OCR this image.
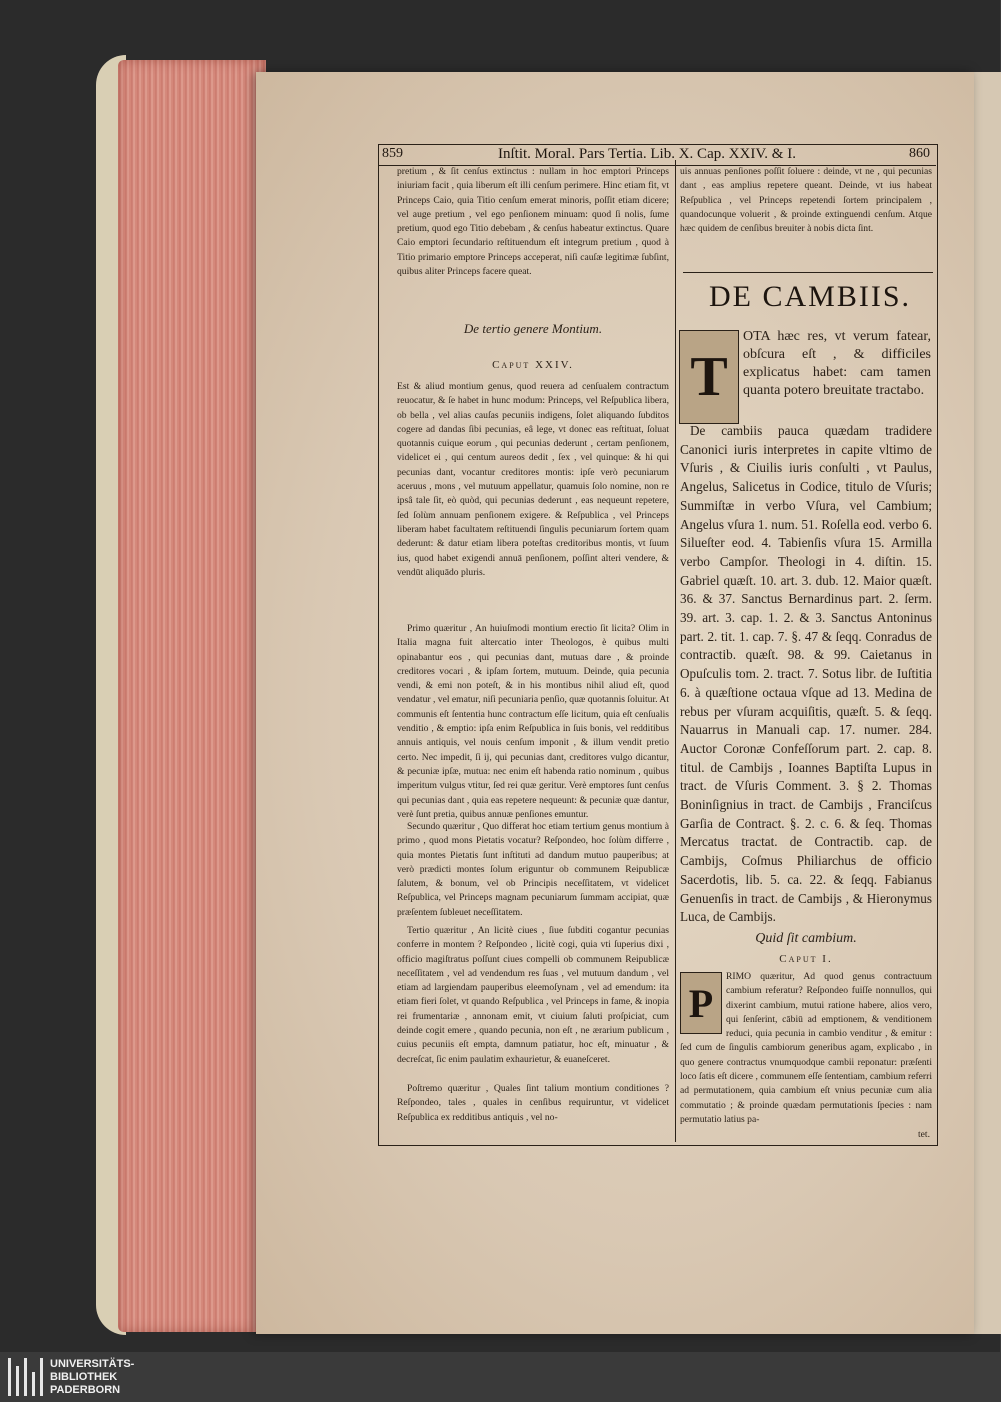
859	Inſtit. Moral. Pars Tertia. Lib. X. Cap. XXIV. & I.	860

pretium , & ſit cenſus extinctus : nullam in hoc emptori Princeps iniuriam facit , quia liberum eſt illi cenſum perimere. Hinc etiam fit, vt Princeps Caio, quia Titio cenſum emerat minoris, poſſit etiam dicere; vel auge pretium , vel ego penſionem minuam: quod ſi nolis, ſume pretium, quod ego Titio debebam , & cenſus habeatur extinctus. Quare Caio emptori ſecundario reſtituendum eſt integrum pretium , quod à Titio primario emptore Princeps acceperat, niſi cauſæ legitimæ ſubſint, quibus aliter Princeps facere queat.

De tertio genere Montium.
Caput XXIV.

Est & aliud montium genus, quod reuera ad cenſualem contractum reuocatur, & ſe habet in hunc modum: Princeps, vel Reſpublica libera, ob bella , vel alias cauſas pecuniis indigens, ſolet aliquando ſubditos cogere ad dandas ſibi pecunias, eâ lege, vt donec eas reſtituat, ſoluat quotannis cuique eorum , qui pecunias dederunt , certam penſionem, videlicet ei , qui centum aureos dedit , ſex , vel quinque: & hi qui pecunias dant, vocantur creditores montis: ipſe verò pecuniarum aceruus , mons , vel mutuum appellatur, quamuis ſolo nomine, non re ipsâ tale ſit, eò quòd, qui pecunias dederunt , eas nequeunt repetere, ſed ſolùm annuam penſionem exigere. & Reſpublica , vel Princeps liberam habet facultatem reſtituendi ſingulis pecuniarum ſortem quam dederunt: & datur etiam libera poteſtas creditoribus montis, vt ſuum ius, quod habet exigendi annuā penſionem, poſſint alteri vendere, & vendūt aliquādo pluris.

Primo quæritur , An huiuſmodi montium erectio ſit licita? Olim in Italia magna fuit altercatio inter Theologos, è quibus multi opinabantur eos , qui pecunias dant, mutuas dare , & proinde creditores vocari , & ipſam ſortem, mutuum. Deinde, quia pecunia vendi, & emi non poteſt, & in his montibus nihil aliud eſt, quod vendatur , vel ematur, niſi pecuniaria penſio, quæ quotannis ſoluitur. At communis eſt ſententia hunc contractum eſſe licitum, quia eſt cenſualis venditio , & emptio: ipſa enim Reſpublica in ſuis bonis, vel redditibus annuis antiquis, vel nouis cenſum imponit , & illum vendit pretio certo. Nec impedit, ſi ij, qui pecunias dant, creditores vulgo dicantur, & pecuniæ ipſæ, mutua: nec enim eſt habenda ratio nominum , quibus imperitum vulgus vtitur, ſed rei quæ geritur. Verè emptores ſunt cenſus qui pecunias dant , quia eas repetere nequeunt: & pecuniæ quæ dantur, verè ſunt pretia, quibus annuæ penſiones emuntur.

Secundo quæritur , Quo differat hoc etiam tertium genus montium à primo , quod mons Pietatis vocatur? Reſpondeo, hoc ſolùm differre , quia montes Pietatis ſunt inſtituti ad dandum mutuo pauperibus; at verò prædicti montes ſolum eriguntur ob communem Reipublicæ ſalutem, & bonum, vel ob Principis neceſſitatem, vt videlicet Reſpublica, vel Princeps magnam pecuniarum ſummam accipiat, quæ præſentem ſubleuet neceſſitatem.

Tertio quæritur , An licitè ciues , ſiue ſubditi cogantur pecunias conferre in montem ? Reſpondeo , licitè cogi, quia vti ſuperius dixi , officio magiſtratus poſſunt ciues compelli ob communem Reipublicæ neceſſitatem , vel ad vendendum res ſuas , vel mutuum dandum , vel etiam ad largiendam pauperibus eleemoſynam , vel ad emendum: ita etiam fieri ſolet, vt quando Reſpublica , vel Princeps in fame, & inopia rei frumentariæ , annonam emit, vt ciuium ſaluti proſpiciat, cum deinde cogit emere , quando pecunia, non eſt , ne ærarium publicum , cuius pecuniis eſt empta, damnum patiatur, hoc eſt, minuatur , & decreſcat, ſic enim paulatim exhaurietur, & euaneſceret.

Poſtremo quæritur , Quales ſint talium montium conditiones ? Reſpondeo, tales , quales in cenſibus requiruntur, vt videlicet Reſpublica ex redditibus antiquis , vel no-

uis annuas penſiones poſſit ſoluere : deinde, vt ne , qui pecunias dant , eas amplius repetere queant. Deinde, vt ius habeat Reſpublica , vel Princeps repetendi ſortem principalem , quandocunque voluerit , & proinde extinguendi cenſum. Atque hæc quidem de cenſibus breuiter à nobis dicta ſint.

DE CAMBIIS.
T

OTA hæc res, vt verum fatear, obſcura eſt , & difficiles explicatus habet: cam tamen quanta potero breuitate tractabo.

De cambiis pauca quædam tradidere Canonici iuris interpretes in capite vltimo de Vſuris , & Ciuilis iuris conſulti , vt Paulus, Angelus, Salicetus in Codice, titulo de Vſuris; Summiſtæ in verbo Vſura, vel Cambium; Angelus vſura 1. num. 51. Roſella eod. verbo 6. Silueſter eod. 4. Tabienſis vſura 15. Armilla verbo Campſor. Theologi in 4. diſtin. 15. Gabriel quæſt. 10. art. 3. dub. 12. Maior quæſt. 36. & 37. Sanctus Bernardinus part. 2. ſerm. 39. art. 3. cap. 1. 2. & 3. Sanctus Antoninus part. 2. tit. 1. cap. 7. §. 47 & ſeqq. Conradus de contractib. quæſt. 98. & 99. Caietanus in Opuſculis tom. 2. tract. 7. Sotus libr. de Iuſtitia 6. à quæſtione octaua vſque ad 13. Medina de rebus per vſuram acquiſitis, quæſt. 5. & ſeqq. Nauarrus in Manuali cap. 17. numer. 284. Auctor Coronæ Confeſſorum part. 2. cap. 8. titul. de Cambijs , Ioannes Baptiſta Lupus in tract. de Vſuris Comment. 3. § 2. Thomas Boninſignius in tract. de Cambijs , Franciſcus Garſia de Contract. §. 2. c. 6. & ſeq. Thomas Mercatus tractat. de Contractib. cap. de Cambijs, Coſmus Philiarchus de officio Sacerdotis, lib. 5. ca. 22. & ſeqq. Fabianus Genuenſis in tract. de Cambijs , & Hieronymus Luca, de Cambijs.

Quid ſit cambium.
Caput I.
P

RIMO quæritur, Ad quod genus contractuum cambium referatur? Reſpondeo fuiſſe nonnullos, qui dixerint cambium, mutui ratione habere, alios vero, qui ſenſerint, cābiū ad emptionem, & venditionem reduci, quia pecunia in cambio venditur , & emitur : ſed cum de ſingulis cambiorum generibus agam, explicabo , in quo genere contractus vnumquodque cambii reponatur: præſenti loco ſatis eſt dicere , communem eſſe ſententiam, cambium referri ad permutationem, quia cambium eſt vnius pecuniæ cum alia commutatio ; & proinde quædam permutationis ſpecies : nam permutatio latius pa-

tet.
UNIVERSITÄTS-
BIBLIOTHEK
PADERBORN
